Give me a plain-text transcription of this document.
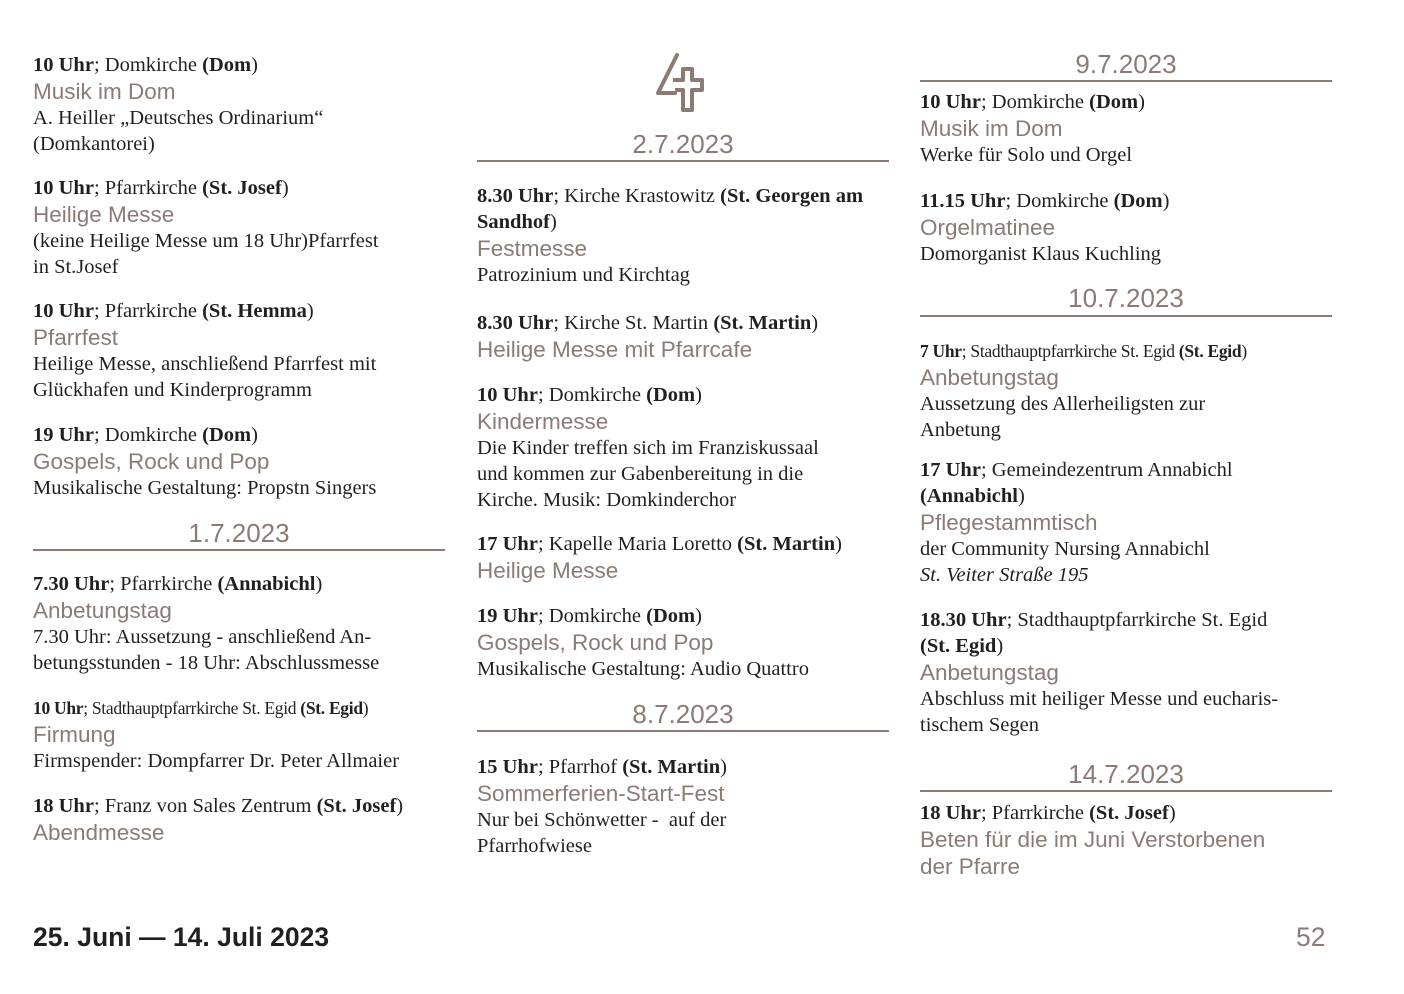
10 Uhr; Domkirche (Dom)
Musik im Dom
A. Heiller „Deutsches Ordinarium“
(Domkantorei)
10 Uhr; Pfarrkirche (St. Josef)
Heilige Messe
(keine Heilige Messe um 18 Uhr)Pfarrfest
in St.Josef
10 Uhr; Pfarrkirche (St. Hemma)
Pfarrfest
Heilige Messe, anschließend Pfarrfest mit
Glückhafen und Kinderprogramm
19 Uhr; Domkirche (Dom)
Gospels, Rock und Pop
Musikalische Gestaltung: Propstn Singers
1.7.2023
7.30 Uhr; Pfarrkirche (Annabichl)
Anbetungstag
7.30 Uhr: Aussetzung - anschließend An-
betungsstunden - 18 Uhr: Abschlussmesse
10 Uhr; Stadthauptpfarrkirche St. Egid (St. Egid)
Firmung
Firmspender: Dompfarrer Dr. Peter Allmaier
18 Uhr; Franz von Sales Zentrum (St. Josef)
Abendmesse
2.7.2023
8.30 Uhr; Kirche Krastowitz (St. Georgen am Sandhof)
Festmesse
Patrozinium und Kirchtag
8.30 Uhr; Kirche St. Martin (St. Martin)
Heilige Messe mit Pfarrcafe
10 Uhr; Domkirche (Dom)
Kindermesse
Die Kinder treffen sich im Franziskussaal
und kommen zur Gabenbereitung in die
Kirche. Musik: Domkinderchor
17 Uhr; Kapelle Maria Loretto (St. Martin)
Heilige Messe
19 Uhr; Domkirche (Dom)
Gospels, Rock und Pop
Musikalische Gestaltung: Audio Quattro
8.7.2023
15 Uhr; Pfarrhof (St. Martin)
Sommerferien-Start-Fest
Nur bei Schönwetter -  auf der
Pfarrhofwiese
9.7.2023
10 Uhr; Domkirche (Dom)
Musik im Dom
Werke für Solo und Orgel
11.15 Uhr; Domkirche (Dom)
Orgelmatinee
Domorganist Klaus Kuchling
10.7.2023
7 Uhr; Stadthauptpfarrkirche St. Egid (St. Egid)
Anbetungstag
Aussetzung des Allerheiligsten zur
Anbetung
17 Uhr; Gemeindezentrum Annabichl
(Annabichl)
Pflegestammtisch
der Community Nursing Annabichl
St. Veiter Straße 195
18.30 Uhr; Stadthauptpfarrkirche St. Egid
(St. Egid)
Anbetungstag
Abschluss mit heiliger Messe und eucharis-
tischem Segen
14.7.2023
18 Uhr; Pfarrkirche (St. Josef)
Beten für die im Juni Verstorbenen
der Pfarre
25. Juni — 14. Juli 2023	52
